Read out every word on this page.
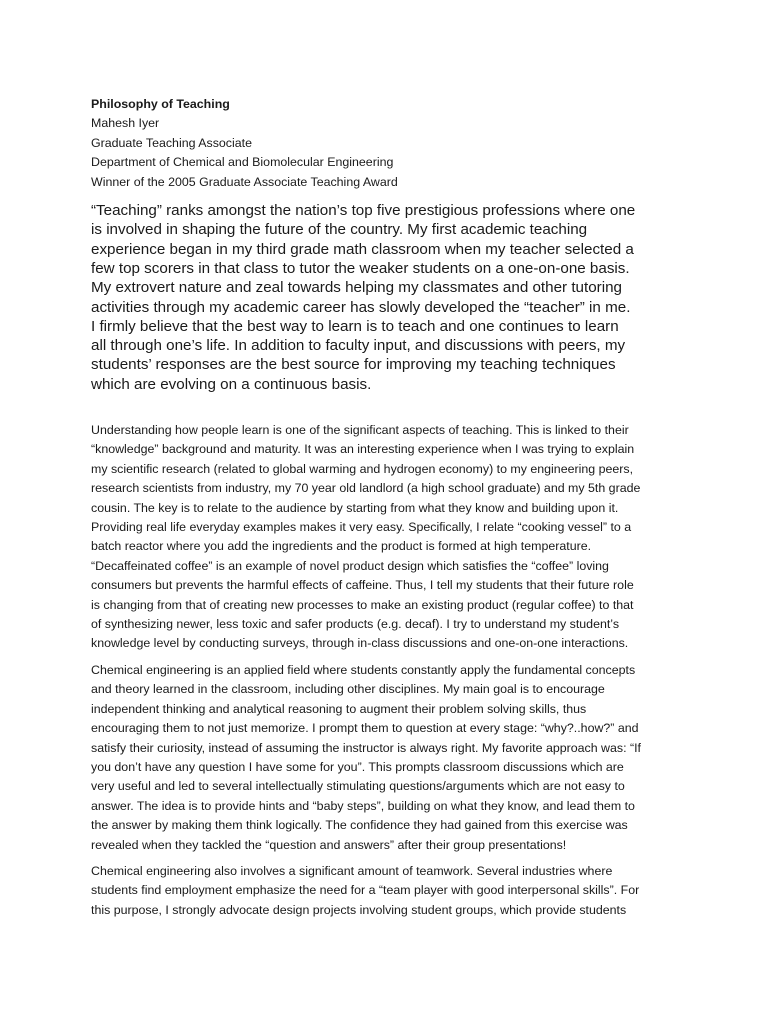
Philosophy of Teaching
Mahesh Iyer
Graduate Teaching Associate
Department of Chemical and Biomolecular Engineering
Winner of the 2005 Graduate Associate Teaching Award
“Teaching” ranks amongst the nation’s top five prestigious professions where one
is involved in shaping the future of the country. My first academic teaching
experience began in my third grade math classroom when my teacher selected a
few top scorers in that class to tutor the weaker students on a one-on-one basis.
My extrovert nature and zeal towards helping my classmates and other tutoring
activities through my academic career has slowly developed the “teacher” in me.
I firmly believe that the best way to learn is to teach and one continues to learn
all through one’s life. In addition to faculty input, and discussions with peers, my
students’ responses are the best source for improving my teaching techniques
which are evolving on a continuous basis.
Understanding how people learn is one of the significant aspects of teaching. This is linked to their
“knowledge” background and maturity. It was an interesting experience when I was trying to explain
my scientific research (related to global warming and hydrogen economy) to my engineering peers,
research scientists from industry, my 70 year old landlord (a high school graduate) and my 5th grade
cousin. The key is to relate to the audience by starting from what they know and building upon it.
Providing real life everyday examples makes it very easy. Specifically, I relate “cooking vessel” to a
batch reactor where you add the ingredients and the product is formed at high temperature.
“Decaffeinated coffee” is an example of novel product design which satisfies the “coffee” loving
consumers but prevents the harmful effects of caffeine. Thus, I tell my students that their future role
is changing from that of creating new processes to make an existing product (regular coffee) to that
of synthesizing newer, less toxic and safer products (e.g. decaf). I try to understand my student’s
knowledge level by conducting surveys, through in-class discussions and one-on-one interactions.
Chemical engineering is an applied field where students constantly apply the fundamental concepts
and theory learned in the classroom, including other disciplines. My main goal is to encourage
independent thinking and analytical reasoning to augment their problem solving skills, thus
encouraging them to not just memorize. I prompt them to question at every stage: “why?..how?” and
satisfy their curiosity, instead of assuming the instructor is always right. My favorite approach was: “If
you don’t have any question I have some for you”. This prompts classroom discussions which are
very useful and led to several intellectually stimulating questions/arguments which are not easy to
answer. The idea is to provide hints and “baby steps”, building on what they know, and lead them to
the answer by making them think logically. The confidence they had gained from this exercise was
revealed when they tackled the “question and answers” after their group presentations!
Chemical engineering also involves a significant amount of teamwork. Several industries where
students find employment emphasize the need for a “team player with good interpersonal skills”. For
this purpose, I strongly advocate design projects involving student groups, which provide students
